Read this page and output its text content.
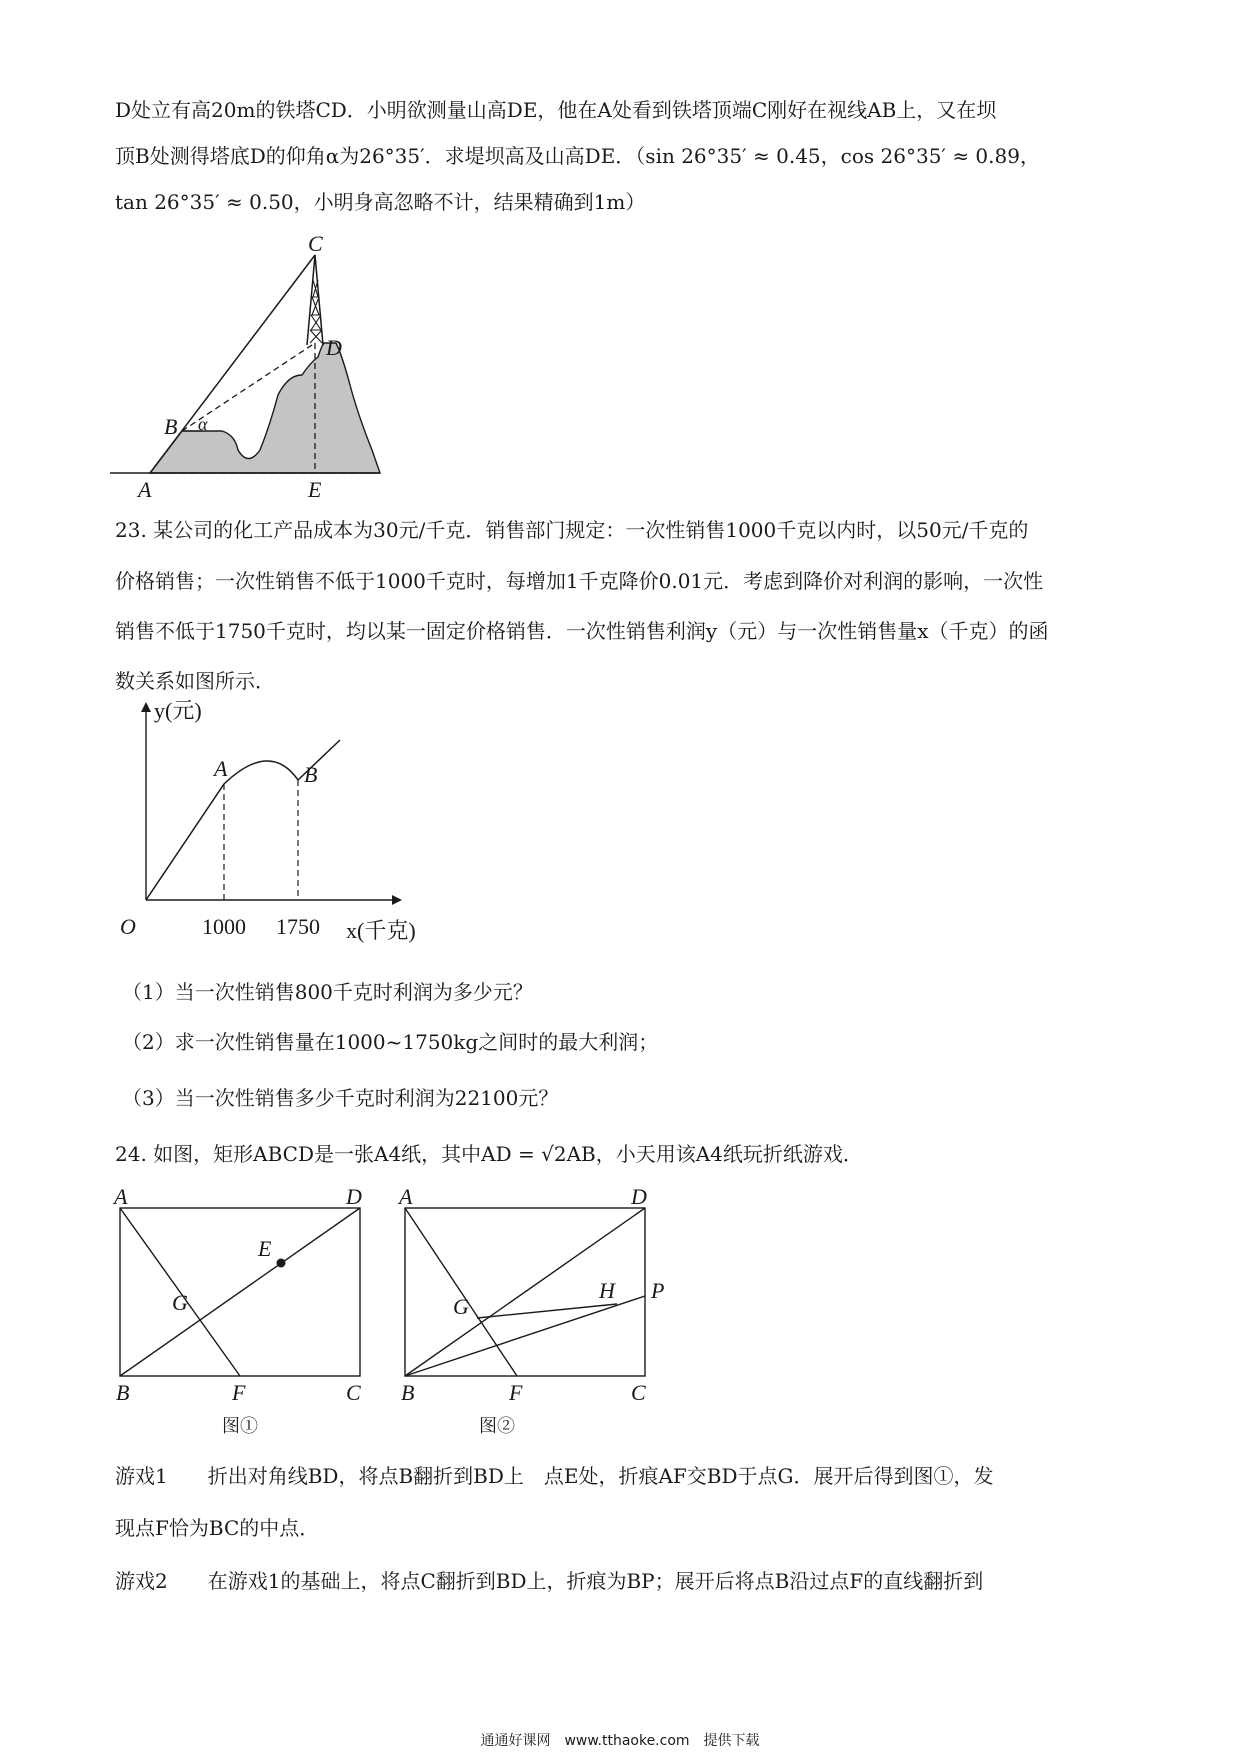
D处立有高20m的铁塔CD．小明欲测量山高DE，他在A处看到铁塔顶端C刚好在视线AB上，又在坝
顶B处测得塔底D的仰角α为26°35′．求堤坝高及山高DE．（sin 26°35′ ≈ 0.45，cos 26°35′ ≈ 0.89，
tan 26°35′ ≈ 0.50，小明身高忽略不计，结果精确到1m）
C
D
B α
A	E
23. 某公司的化工产品成本为30元/千克．销售部门规定：一次性销售1000千克以内时，以50元/千克的
价格销售；一次性销售不低于1000千克时，每增加1千克降价0.01元．考虑到降价对利润的影响，一次性
销售不低于1750千克时，均以某一固定价格销售．一次性销售利润y（元）与一次性销售量x（千克）的函
数关系如图所示．
y(元)
x(千克)
O
A	B
1000 1750
（1）当一次性销售800千克时利润为多少元？
（2）求一次性销售量在1000~1750kg之间时的最大利润；
（3）当一次性销售多少千克时利润为22100元？
24. 如图，矩形ABCD是一张A4纸，其中AD = √2AB，小天用该A4纸玩折纸游戏．
A	D
E
G
B	F	C
图①
A	D
H P
G
B	F	C
图②
游戏1　　折出对角线BD，将点B翻折到BD上　点E处，折痕AF交BD于点G．展开后得到图①，发
现点F恰为BC的中点．
游戏2　　在游戏1的基础上，将点C翻折到BD上，折痕为BP；展开后将点B沿过点F的直线翻折到
通通好课网　www.tthaoke.com　提供下载
